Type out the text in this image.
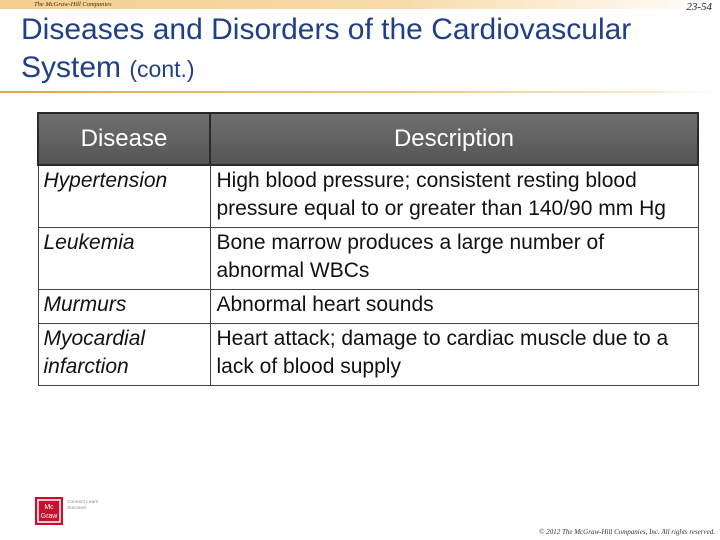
The McGraw-Hill Companies	23-54
Diseases and Disorders of the Cardiovascular System (cont.)
Disease	Description
Hypertension	High blood pressure; consistent resting blood pressure equal to or greater than 140/90 mm Hg
Leukemia	Bone marrow produces a large number of abnormal WBCs
Murmurs	Abnormal heart sounds
Myocardial infarction	Heart attack; damage to cardiac muscle due to a lack of blood supply
Mc
Graw
Connect Learn Succeed
© 2012 The McGraw-Hill Companies, Inc. All rights reserved.
